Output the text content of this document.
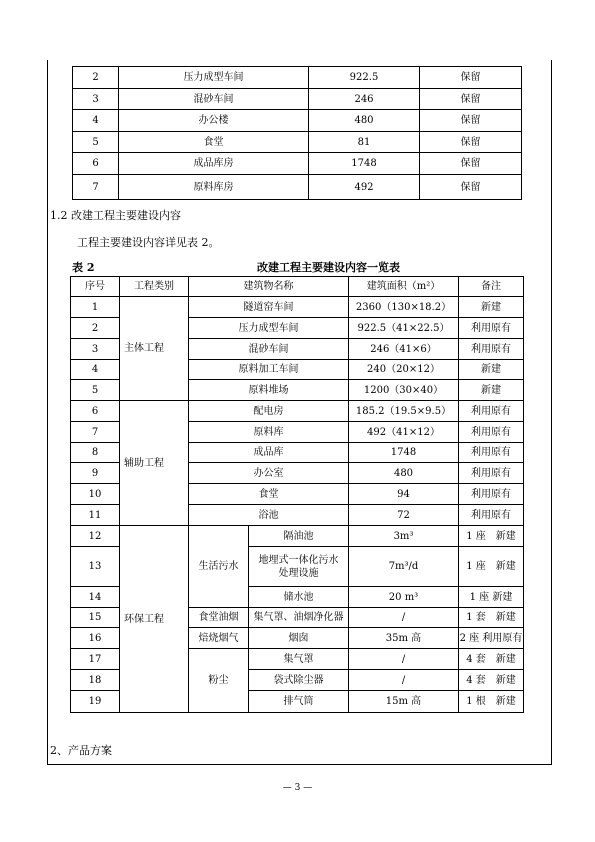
2	压力成型车间	922.5	保留
3	混砂车间	246	保留
4	办公楼	480	保留
5	食堂	81	保留
6	成品库房	1748	保留
7	原料库房	492	保留
1.2 改建工程主要建设内容
工程主要建设内容详见表 2。
表 2	改建工程主要建设内容一览表
序号	工程类别	建筑物名称		建筑面积（m²）	备注
1	主体工程	隧道窑车间		2360（130×18.2）	新建
2		压力成型车间		922.5（41×22.5）	利用原有
3		混砂车间		246（41×6）	利用原有
4		原料加工车间		240（20×12）	新建
5		原料堆场		1200（30×40）	新建
6	辅助工程	配电房		185.2（19.5×9.5）	利用原有
7		原料库		492（41×12）	利用原有
8		成品库		1748	利用原有
9		办公室		480	利用原有
10		食堂		94	利用原有
11		浴池		72	利用原有
12	环保工程	生活污水	隔油池	3m³	1 座　新建
13			地埋式一体化污水
处理设施	7m³/d	1 座　新建
14			储水池	20 m³	1 座 新建
15		食堂油烟	集气罩、油烟净化器	/	1 套　新建
16		焙烧烟气	烟囱	35m 高	2 座 利用原有
17		粉尘	集气罩	/	4 套　新建
18			袋式除尘器	/	4 套　新建
19			排气筒	15m 高	1 根　新建
2、产品方案
— 3 —
